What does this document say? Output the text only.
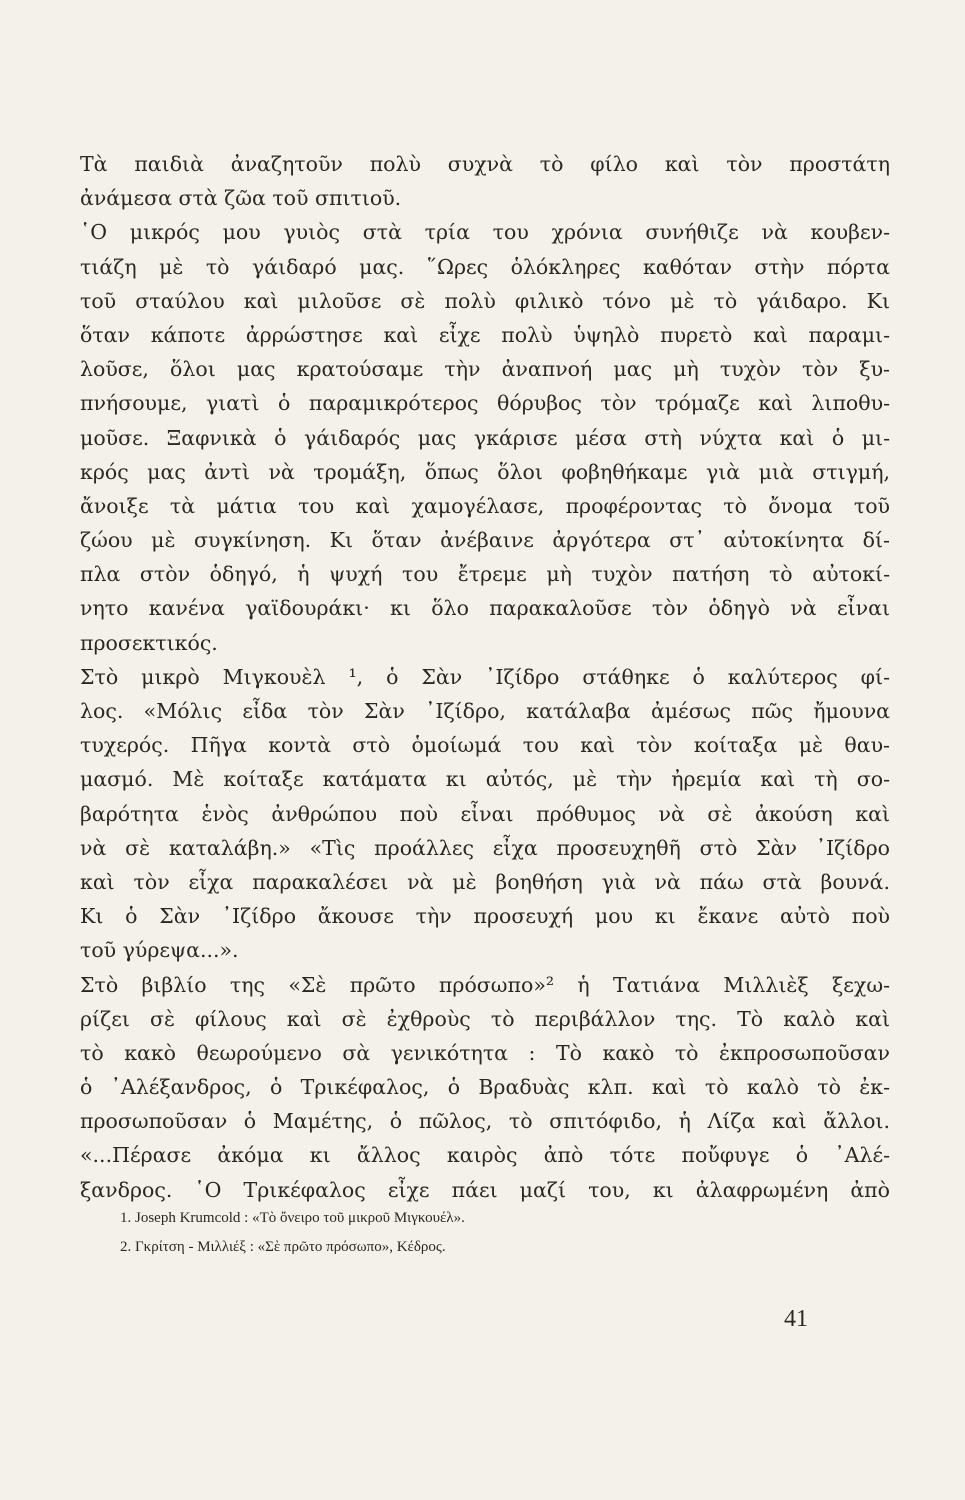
Τὰ παιδιὰ ἀναζητοῦν πολὺ συχνὰ τὸ φίλο καὶ τὸν προστάτη
ἀνάμεσα στὰ ζῶα τοῦ σπιτιοῦ.
῾Ο μικρός μου γυιὸς στὰ τρία του χρόνια συνήθιζε νὰ κουβεν-
τιάζη μὲ τὸ γάιδαρό μας. ῞Ωρες ὁλόκληρες καθόταν στὴν πόρτα
τοῦ σταύλου καὶ μιλοῦσε σὲ πολὺ φιλικὸ τόνο μὲ τὸ γάιδαρο. Κι
ὅταν κάποτε ἀρρώστησε καὶ εἶχε πολὺ ὑψηλὸ πυρετὸ καὶ παραμι-
λοῦσε, ὅλοι μας κρατούσαμε τὴν ἀναπνοή μας μὴ τυχὸν τὸν ξυ-
πνήσουμε, γιατὶ ὁ παραμικρότερος θόρυβος τὸν τρόμαζε καὶ λιποθυ-
μοῦσε. Ξαφνικὰ ὁ γάιδαρός μας γκάρισε μέσα στὴ νύχτα καὶ ὁ μι-
κρός μας ἀντὶ νὰ τρομάξη, ὅπως ὅλοι φοβηθήκαμε γιὰ μιὰ στιγμή,
ἄνοιξε τὰ μάτια του καὶ χαμογέλασε, προφέροντας τὸ ὄνομα τοῦ
ζώου μὲ συγκίνηση. Κι ὅταν ἀνέβαινε ἀργότερα στ᾽ αὐτοκίνητα δί-
πλα στὸν ὁδηγό, ἡ ψυχή του ἔτρεμε μὴ τυχὸν πατήση τὸ αὐτοκί-
νητο κανένα γαϊδουράκι· κι ὅλο παρακαλοῦσε τὸν ὁδηγὸ νὰ εἶναι
προσεκτικός.
Στὸ μικρὸ Μιγκουὲλ ¹, ὁ Σὰν ᾿Ιζίδρο στάθηκε ὁ καλύτερος φί-
λος. «Μόλις εἶδα τὸν Σὰν ᾿Ιζίδρο, κατάλαβα ἀμέσως πῶς ἤμουνα
τυχερός. Πῆγα κοντὰ στὸ ὁμοίωμά του καὶ τὸν κοίταξα μὲ θαυ-
μασμό. Μὲ κοίταξε κατάματα κι αὐτός, μὲ τὴν ἠρεμία καὶ τὴ σο-
βαρότητα ἑνὸς ἀνθρώπου ποὺ εἶναι πρόθυμος νὰ σὲ ἀκούση καὶ
νὰ σὲ καταλάβη.» «Τὶς προάλλες εἶχα προσευχηθῆ στὸ Σὰν ᾿Ιζίδρο
καὶ τὸν εἶχα παρακαλέσει νὰ μὲ βοηθήση γιὰ νὰ πάω στὰ βουνά.
Κι ὁ Σὰν ᾿Ιζίδρο ἄκουσε τὴν προσευχή μου κι ἔκανε αὐτὸ ποὺ
τοῦ γύρεψα...».
Στὸ βιβλίο της «Σὲ πρῶτο πρόσωπο»² ἡ Τατιάνα Μιλλιὲξ ξεχω-
ρίζει σὲ φίλους καὶ σὲ ἐχθροὺς τὸ περιβάλλον της. Τὸ καλὸ καὶ
τὸ κακὸ θεωρούμενο σὰ γενικότητα : Τὸ κακὸ τὸ ἐκπροσωποῦσαν
ὁ ᾿Αλέξανδρος, ὁ Τρικέφαλος, ὁ Βραδυὰς κλπ. καὶ τὸ καλὸ τὸ ἐκ-
προσωποῦσαν ὁ Μαμέτης, ὁ πῶλος, τὸ σπιτόφιδο, ἡ Λίζα καὶ ἄλλοι.
«...Πέρασε ἀκόμα κι ἄλλος καιρὸς ἀπὸ τότε ποὔφυγε ὁ ᾿Αλέ-
ξανδρος. ῾Ο Τρικέφαλος εἶχε πάει μαζί του, κι ἀλαφρωμένη ἀπὸ
1. Joseph Krumcold : «Τὸ ὄνειρο τοῦ μικροῦ Μιγκουέλ».
2. Γκρίτση - Μιλλιέξ : «Σὲ πρῶτο πρόσωπο», Κέδρος.
41
